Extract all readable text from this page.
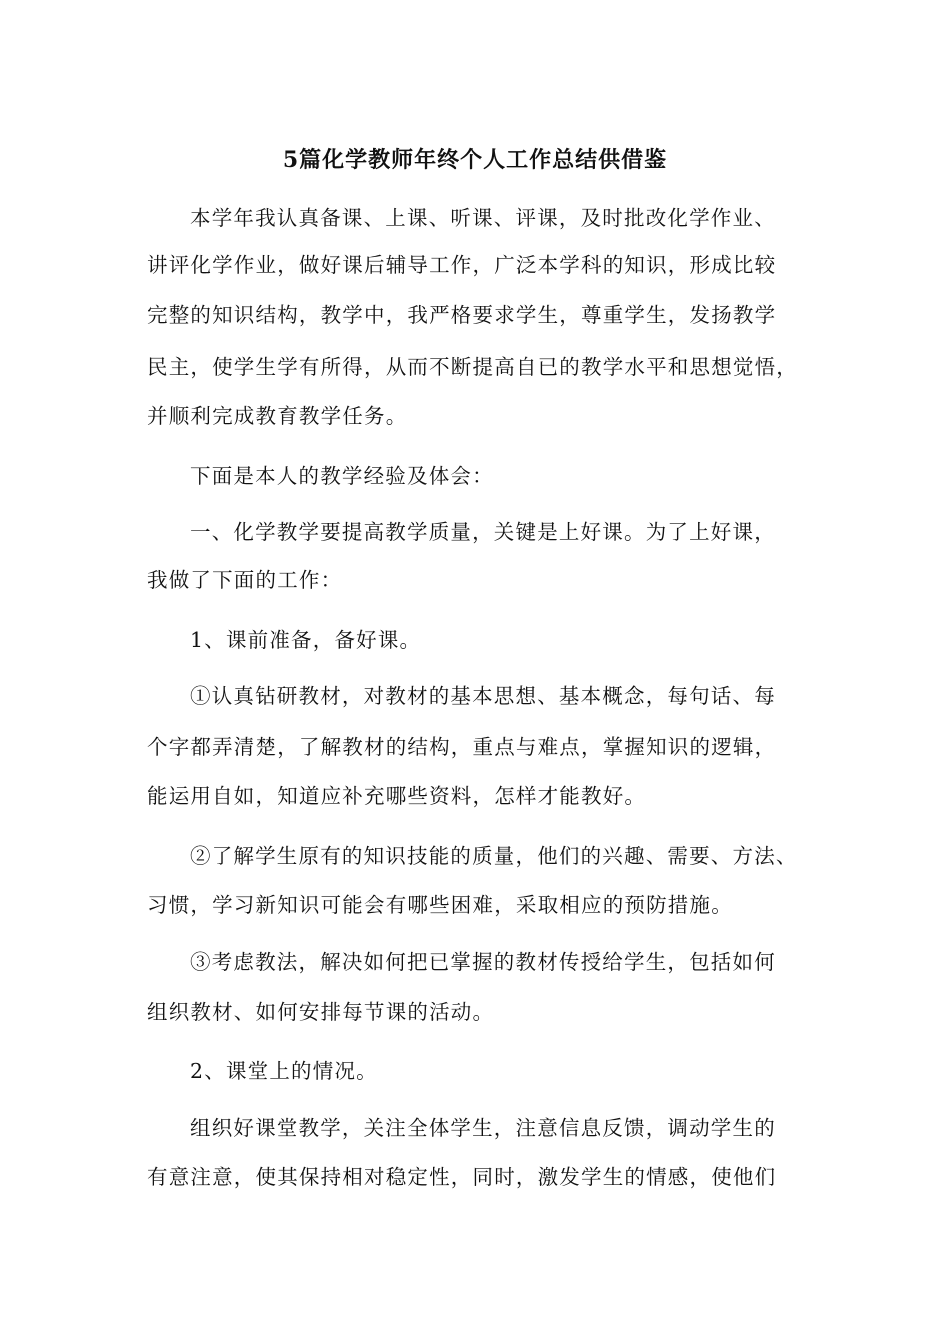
5篇化学教师年终个人工作总结供借鉴
本学年我认真备课、上课、听课、评课，及时批改化学作业、
讲评化学作业，做好课后辅导工作，广泛本学科的知识，形成比较
完整的知识结构，教学中，我严格要求学生，尊重学生，发扬教学
民主，使学生学有所得，从而不断提高自已的教学水平和思想觉悟，
并顺利完成教育教学任务。
下面是本人的教学经验及体会：
一、化学教学要提高教学质量，关键是上好课。为了上好课，
我做了下面的工作：
1、课前准备，备好课。
①认真钻研教材，对教材的基本思想、基本概念，每句话、每
个字都弄清楚，了解教材的结构，重点与难点，掌握知识的逻辑，
能运用自如，知道应补充哪些资料，怎样才能教好。
②了解学生原有的知识技能的质量，他们的兴趣、需要、方法、
习惯，学习新知识可能会有哪些困难，采取相应的预防措施。
③考虑教法，解决如何把已掌握的教材传授给学生，包括如何
组织教材、如何安排每节课的活动。
2、课堂上的情况。
组织好课堂教学，关注全体学生，注意信息反馈，调动学生的
有意注意，使其保持相对稳定性，同时，激发学生的情感，使他们
